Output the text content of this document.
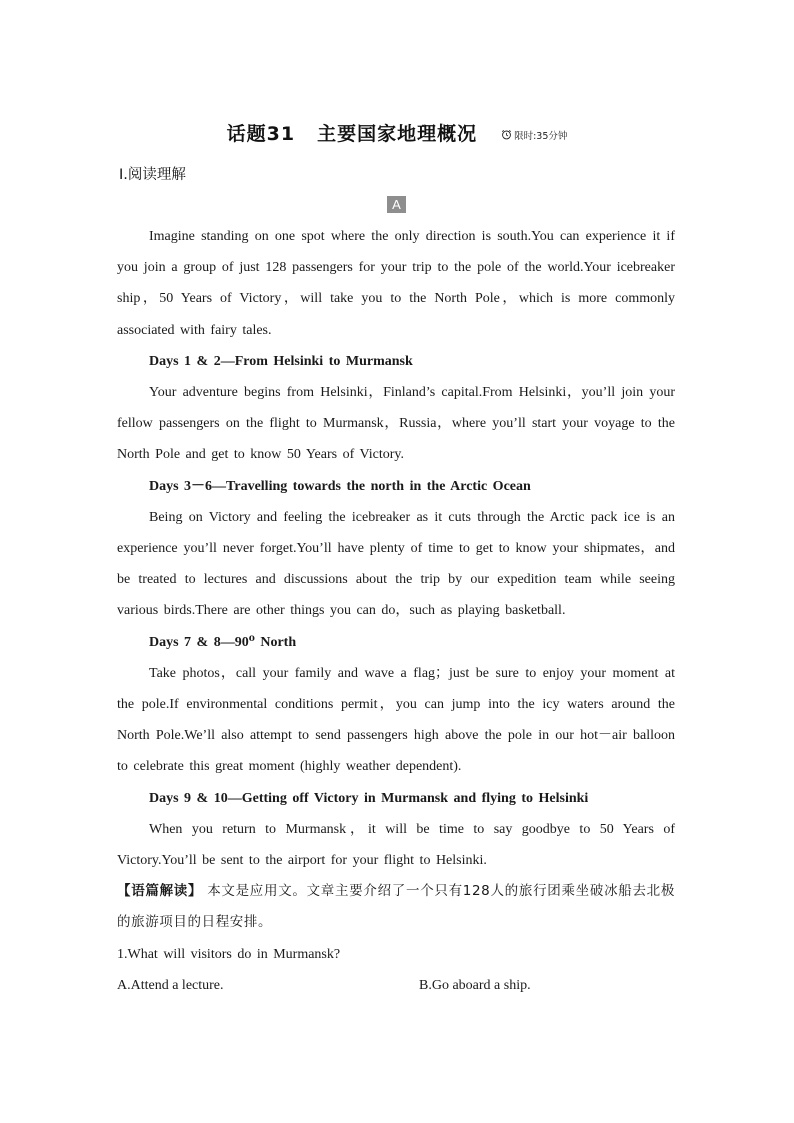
话题31 主要国家地理概况	限时:35分钟
Ⅰ.阅读理解
A

Imagine standing on one spot where the only direction is south.You can experience it if you join a group of just 128 passengers for your trip to the pole of the world.Your icebreaker ship，50 Years of Victory，will take you to the North Pole，which is more commonly associated with fairy tales.

Days 1 & 2—From Helsinki to Murmansk

Your adventure begins from Helsinki，Finland’s capital.From Helsinki，you’ll join your fellow passengers on the flight to Murmansk，Russia，where you’ll start your voyage to the North Pole and get to know 50 Years of Victory.

Days 3－6—Travelling towards the north in the Arctic Ocean

Being on Victory and feeling the icebreaker as it cuts through the Arctic pack ice is an experience you’ll never forget.You’ll have plenty of time to get to know your shipmates，and be treated to lectures and discussions about the trip by our expedition team while seeing various birds.There are other things you can do，such as playing basketball.

Days 7 & 8—90⁰ North

Take photos，call your family and wave a flag；just be sure to enjoy your moment at the pole.If environmental conditions permit，you can jump into the icy waters around the North Pole.We’ll also attempt to send passengers high above the pole in our hot－air balloon to celebrate this great moment (highly weather dependent).

Days 9 & 10—Getting off Victory in Murmansk and flying to Helsinki

When you return to Murmansk，it will be time to say goodbye to 50 Years of Victory.You’ll be sent to the airport for your flight to Helsinki.

【语篇解读】 本文是应用文。文章主要介绍了一个只有128人的旅行团乘坐破冰船去北极的旅游项目的日程安排。

1.What will visitors do in Murmansk?

A.Attend a lecture.	B.Go aboard a ship.
